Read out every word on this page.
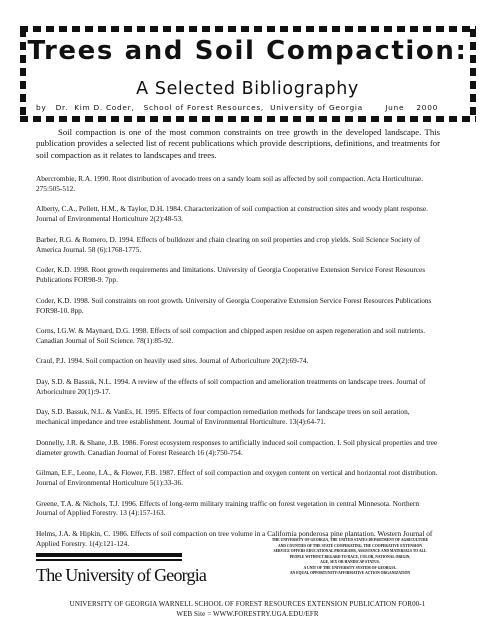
Trees and Soil Compaction:
A Selected Bibliography
by   Dr.  Kim D. Coder,   School of Forest Resources,  University of Georgia	June    2000

Soil compaction is one of the most common constraints on tree growth in the developed landscape. This publication provides a selected list of recent publications which provide descriptions, definitions, and treatments for soil compaction as it relates to landscapes and trees.

Abercrombie, R.A. 1990. Root distribution of avocado trees on a sandy loam soil as affected by soil compaction. Acta Horticulturae. 275:505-512.

Alberty, C.A., Pellett, H.M., & Taylor, D.H. 1984. Characterization of soil compaction at construction sites and woody plant response. Journal of Environmental Horticulture 2(2):48-53.

Barber, R.G. & Romero, D. 1994. Effects of bulldozer and chain clearing on soil properties and crop yields. Soil Science Society of America Journal. 58 (6):1768-1775.

Coder, K.D. 1998. Root growth requirements and limitations. University of Georgia Cooperative Extension Service Forest Resources Publications FOR98-9. 7pp.

Coder, K.D. 1998. Soil constraints on root growth. University of Georgia Cooperative Extension Service Forest Resources Publications FOR98-10. 8pp.

Corns, I.G.W. & Maynard, D.G. 1998. Effects of soil compaction and chipped aspen residue on aspen regeneration and soil nutrients. Canadian Journal of Soil Science. 78(1):85-92.

Craul, P.J. 1994. Soil compaction on heavily used sites. Journal of Arboriculture 20(2):69-74.

Day, S.D. & Bassuk, N.L. 1994. A review of the effects of soil compaction and amelioration treatments on landscape trees. Journal of Arboriculture 20(1):9-17.

Day, S.D. Bassuk, N.L. & VanEs, H. 1995. Effects of four compaction remediation methods for landscape trees on soil aeration, mechanical impedance and tree establishment. Journal of Environmental Horticulture. 13(4):64-71.

Donnelly, J.R. & Shane, J.B. 1986. Forest ecosystem responses to artificially induced soil compaction. I. Soil physical properties and tree diameter growth. Canadian Journal of Forest Research 16 (4):750-754.

Gilman, E.F., Leone, I.A., & Flower, F.B. 1987. Effect of soil compaction and oxygen content on vertical and horizontal root distribution. Journal of Environmental Horticulture 5(1):33-36.

Greene, T.A. & Nichols, T.J. 1996. Effects of long-term military training traffic on forest vegetation in central Minnesota. Northern Journal of Applied Forestry. 13 (4):157-163.

Helms, J.A. & Hipkin, C. 1986. Effects of soil compaction on tree volume in a California ponderosa pine plantation. Western Journal of Applied Forestry. 1(4):121-124.

The University of Georgia
THE UNIVERSITY OF GEORGIA, THE UNITED STATES DEPARTMENT OF AGRICULTURE
AND COUNTIES OF THE STATE COOPERATING. THE COOPERATIVE EXTENSION
SERVICE OFFERS EDUCATIONAL PROGRAMS, ASSISTANCE AND MATERIALS TO ALL
PEOPLE WITHOUT REGARD TO RACE, COLOR, NATIONAL ORIGIN,
AGE, SEX OR HANDICAP STATUS.
A UNIT OF THE UNIVERSITY SYSTEM OF GEORGIA.
AN EQUAL OPPORTUNITY/AFFIRMATIVE ACTION ORGANIZATION
UNIVERSITY OF GEORGIA WARNELL SCHOOL OF FOREST RESOURCES EXTENSION PUBLICATION FOR00-1
WEB Site = WWW.FORESTRY.UGA.EDU/EFR
